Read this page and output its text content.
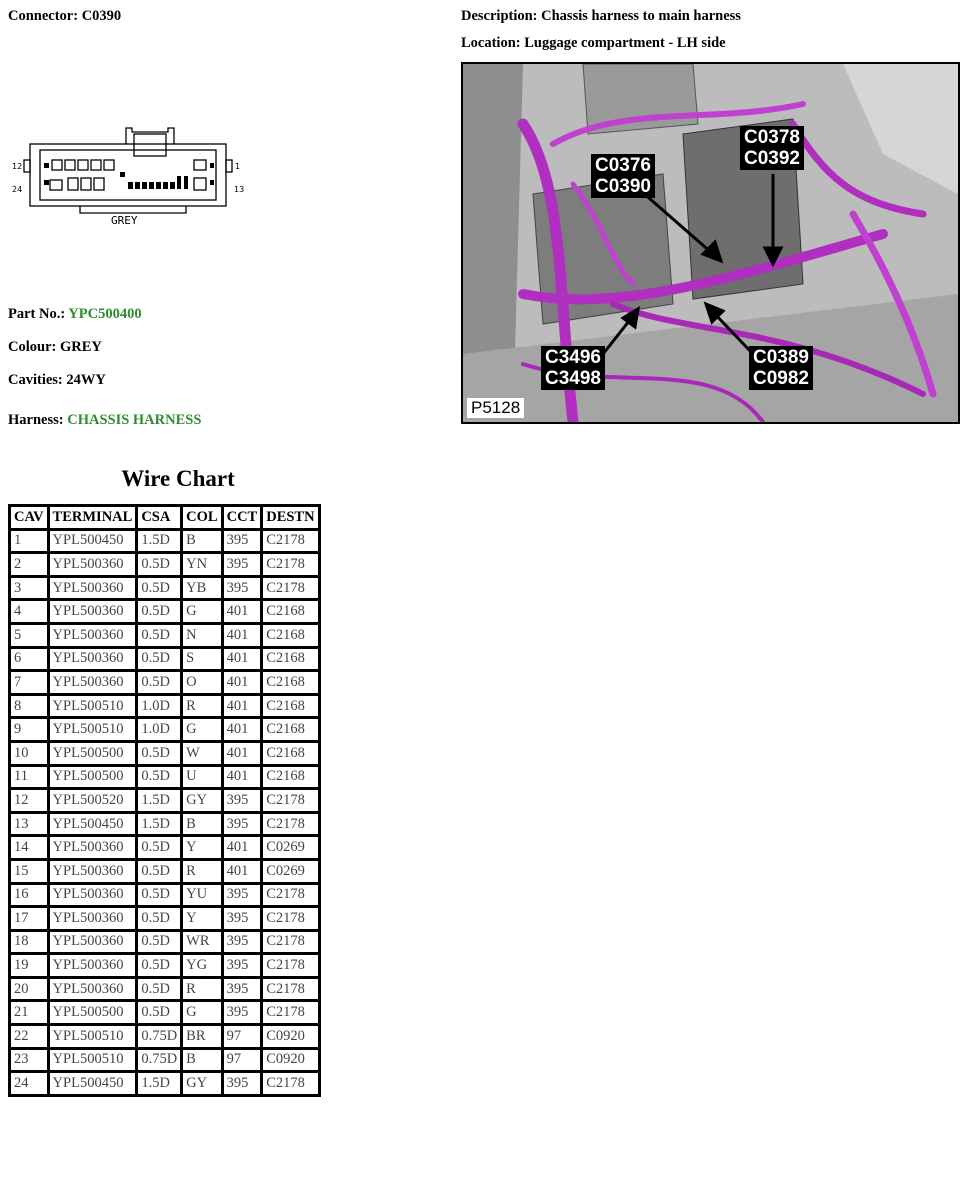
Connector: C0390	Description: Chassis harness to main harness
Location: Luggage compartment - LH side
12	1
24	13
GREY
C0376
C0390
C0378
C0392
C3496
C3498
C0389
C0982
P5128
Part No.: YPC500400
Colour: GREY
Cavities: 24WY
Harness: CHASSIS HARNESS
Wire Chart
CAV	TERMINAL	CSA	COL	CCT	DESTN
1	YPL500450	1.5D	B	395	C2178
2	YPL500360	0.5D	YN	395	C2178
3	YPL500360	0.5D	YB	395	C2178
4	YPL500360	0.5D	G	401	C2168
5	YPL500360	0.5D	N	401	C2168
6	YPL500360	0.5D	S	401	C2168
7	YPL500360	0.5D	O	401	C2168
8	YPL500510	1.0D	R	401	C2168
9	YPL500510	1.0D	G	401	C2168
10	YPL500500	0.5D	W	401	C2168
11	YPL500500	0.5D	U	401	C2168
12	YPL500520	1.5D	GY	395	C2178
13	YPL500450	1.5D	B	395	C2178
14	YPL500360	0.5D	Y	401	C0269
15	YPL500360	0.5D	R	401	C0269
16	YPL500360	0.5D	YU	395	C2178
17	YPL500360	0.5D	Y	395	C2178
18	YPL500360	0.5D	WR	395	C2178
19	YPL500360	0.5D	YG	395	C2178
20	YPL500360	0.5D	R	395	C2178
21	YPL500500	0.5D	G	395	C2178
22	YPL500510	0.75D	BR	97	C0920
23	YPL500510	0.75D	B	97	C0920
24	YPL500450	1.5D	GY	395	C2178
